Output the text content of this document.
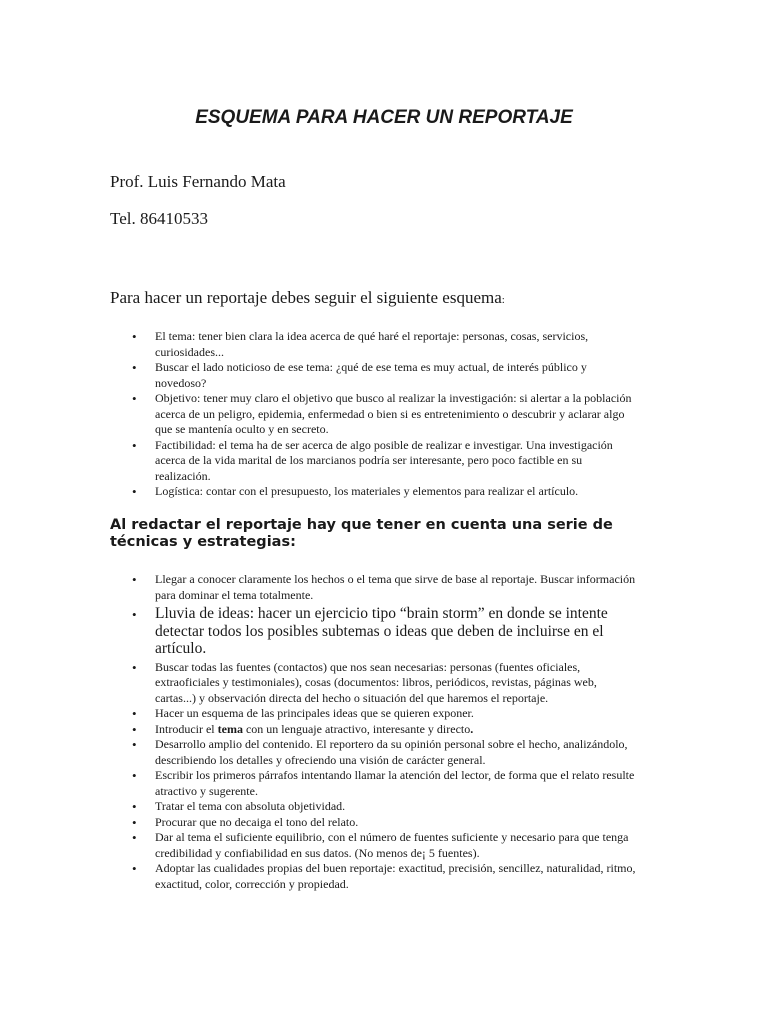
ESQUEMA PARA HACER UN REPORTAJE

Prof. Luis Fernando Mata

Tel. 86410533

Para hacer un reportaje debes seguir el siguiente esquema:

• El tema: tener bien clara la idea acerca de qué haré el reportaje: personas, cosas, servicios, curiosidades...
• Buscar el lado noticioso de ese tema: ¿qué de ese tema es muy actual, de interés público y novedoso?
• Objetivo: tener muy claro el objetivo que busco al realizar la investigación: si alertar a la población acerca de un peligro, epidemia, enfermedad o bien si es entretenimiento o descubrir y aclarar algo que se mantenía oculto y en secreto.
• Factibilidad: el tema ha de ser acerca de algo posible de realizar e investigar. Una investigación acerca de la vida marital de los marcianos podría ser interesante, pero poco factible en su realización.
• Logística: contar con el presupuesto, los materiales y elementos para realizar el artículo.
Al redactar el reportaje hay que tener en cuenta una serie de técnicas y estrategias:
• Llegar a conocer claramente los hechos o el tema que sirve de base al reportaje. Buscar información para dominar el tema totalmente.
• Lluvia de ideas: hacer un ejercicio tipo “brain storm” en donde se intente detectar todos los posibles subtemas o ideas que deben de incluirse en el artículo.
• Buscar todas las fuentes (contactos) que nos sean necesarias: personas (fuentes oficiales, extraoficiales y testimoniales), cosas (documentos: libros, periódicos, revistas, páginas web, cartas...) y observación directa del hecho o situación del que haremos el reportaje.
• Hacer un esquema de las principales ideas que se quieren exponer.
• Introducir el tema con un lenguaje atractivo, interesante y directo.
• Desarrollo amplio del contenido. El reportero da su opinión personal sobre el hecho, analizándolo, describiendo los detalles y ofreciendo una visión de carácter general.
• Escribir los primeros párrafos intentando llamar la atención del lector, de forma que el relato resulte atractivo y sugerente.
• Tratar el tema con absoluta objetividad.
• Procurar que no decaiga el tono del relato.
• Dar al tema el suficiente equilibrio, con el número de fuentes suficiente y necesario para que tenga credibilidad y confiabilidad en sus datos. (No menos de¡ 5 fuentes).
• Adoptar las cualidades propias del buen reportaje: exactitud, precisión, sencillez, naturalidad, ritmo, exactitud, color, corrección y propiedad.
